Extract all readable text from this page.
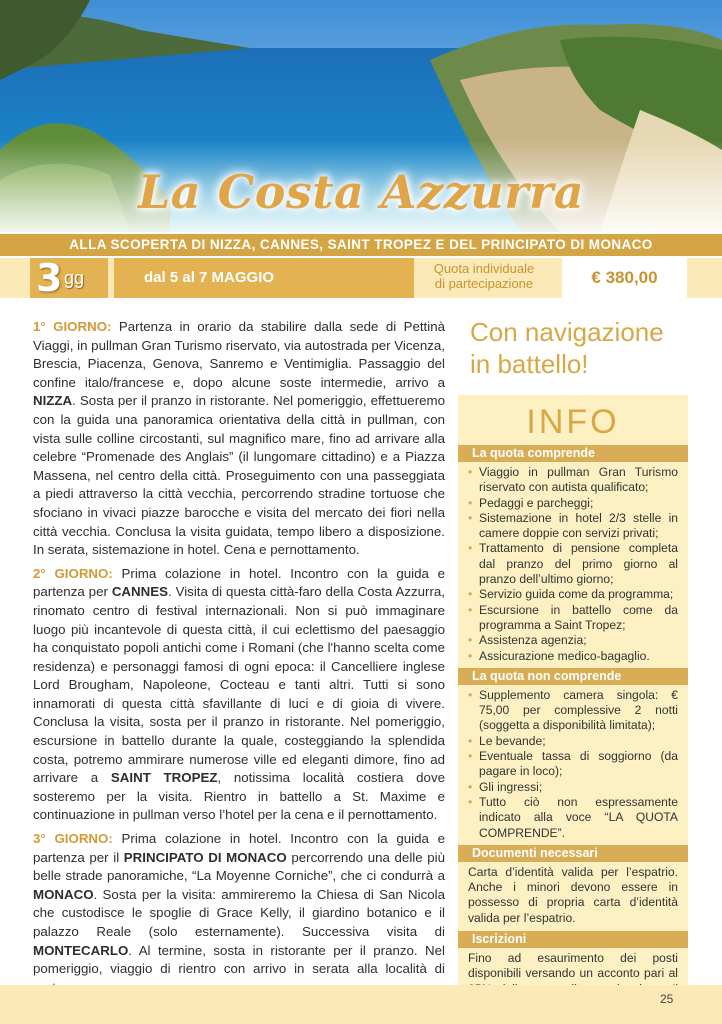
La Costa Azzurra
ALLA SCOPERTA DI NIZZA, CANNES, SAINT TROPEZ E DEL PRINCIPATO DI MONACO
3 gg	dal 5 al 7 MAGGIO
Quota individuale
di partecipazione	€ 380,00

1° GIORNO: Partenza in orario da stabilire dalla sede di Pettinà Viaggi, in pullman Gran Turismo riservato, via autostrada per Vicenza, Brescia, Piacenza, Genova, Sanremo e Ventimiglia. Passaggio del confine italo/francese e, dopo alcune soste intermedie, arrivo a NIZZA. Sosta per il pranzo in ristorante. Nel pomeriggio, effettueremo con la guida una panoramica orientativa della città in pullman, con vista sulle colline circostanti, sul magnifico mare, fino ad arrivare alla celebre “Promenade des Anglais” (il lungomare cittadino) e a Piazza Massena, nel centro della città. Proseguimento con una passeggiata a piedi attraverso la città vecchia, percorrendo stradine tortuose che sfociano in vivaci piazze barocche e visita del mercato dei fiori nella città vecchia. Conclusa la visita guidata, tempo libero a disposizione. In serata, sistemazione in hotel. Cena e pernottamento.

2° GIORNO: Prima colazione in hotel. Incontro con la guida e partenza per CANNES. Visita di questa città-faro della Costa Azzurra, rinomato centro di festival internazionali. Non si può immaginare luogo più incantevole di questa città, il cui eclettismo del paesaggio ha conquistato popoli antichi come i Romani (che l'hanno scelta come residenza) e personaggi famosi di ogni epoca: il Cancelliere inglese Lord Brougham, Napoleone, Cocteau e tanti altri. Tutti si sono innamorati di questa città sfavillante di luci e di gioia di vivere. Conclusa la visita, sosta per il pranzo in ristorante. Nel pomeriggio, escursione in battello durante la quale, costeggiando la splendida costa, potremo ammirare numerose ville ed eleganti dimore, fino ad arrivare a SAINT TROPEZ, notissima località costiera dove sosteremo per la visita. Rientro in battello a St. Maxime e continuazione in pullman verso l’hotel per la cena e il pernottamento.

3° GIORNO: Prima colazione in hotel. Incontro con la guida e partenza per il PRINCIPATO DI MONACO percorrendo una delle più belle strade panoramiche, “La Moyenne Corniche”, che ci condurrà a MONACO. Sosta per la visita: ammireremo la Chiesa di San Nicola che custodisce le spoglie di Grace Kelly, il giardino botanico e il palazzo Reale (solo esternamente). Successiva visita di MONTECARLO. Al termine, sosta in ristorante per il pranzo. Nel pomeriggio, viaggio di rientro con arrivo in serata alla località di

Con navigazione
in battello!
INFO
La quota comprende
• Viaggio in pullman Gran Turismo riservato con autista qualificato;
• Pedaggi e parcheggi;
• Sistemazione in hotel 2/3 stelle in camere doppie con servizi privati;
• Trattamento di pensione completa dal pranzo del primo giorno al pranzo dell’ultimo giorno;
• Servizio guida come da programma;
• Escursione in battello come da programma a Saint Tropez;
• Assistenza agenzia;
• Assicurazione medico-bagaglio.
La quota non comprende
• Supplemento camera singola: € 75,00 per complessive 2 notti (soggetta a disponibilità limitata);
• Le bevande;
• Eventuale tassa di soggiorno (da pagare in loco);
• Gli ingressi;
• Tutto ciò non espressamente indicato alla voce “LA QUOTA COMPRENDE”.
Documenti necessari
Carta d’identità valida per l’espatrio. Anche i minori devono essere in possesso di propria carta d’identità valida per l’espatrio.
Iscrizioni
Fino ad esaurimento dei posti disponibili versando un acconto pari al
25
